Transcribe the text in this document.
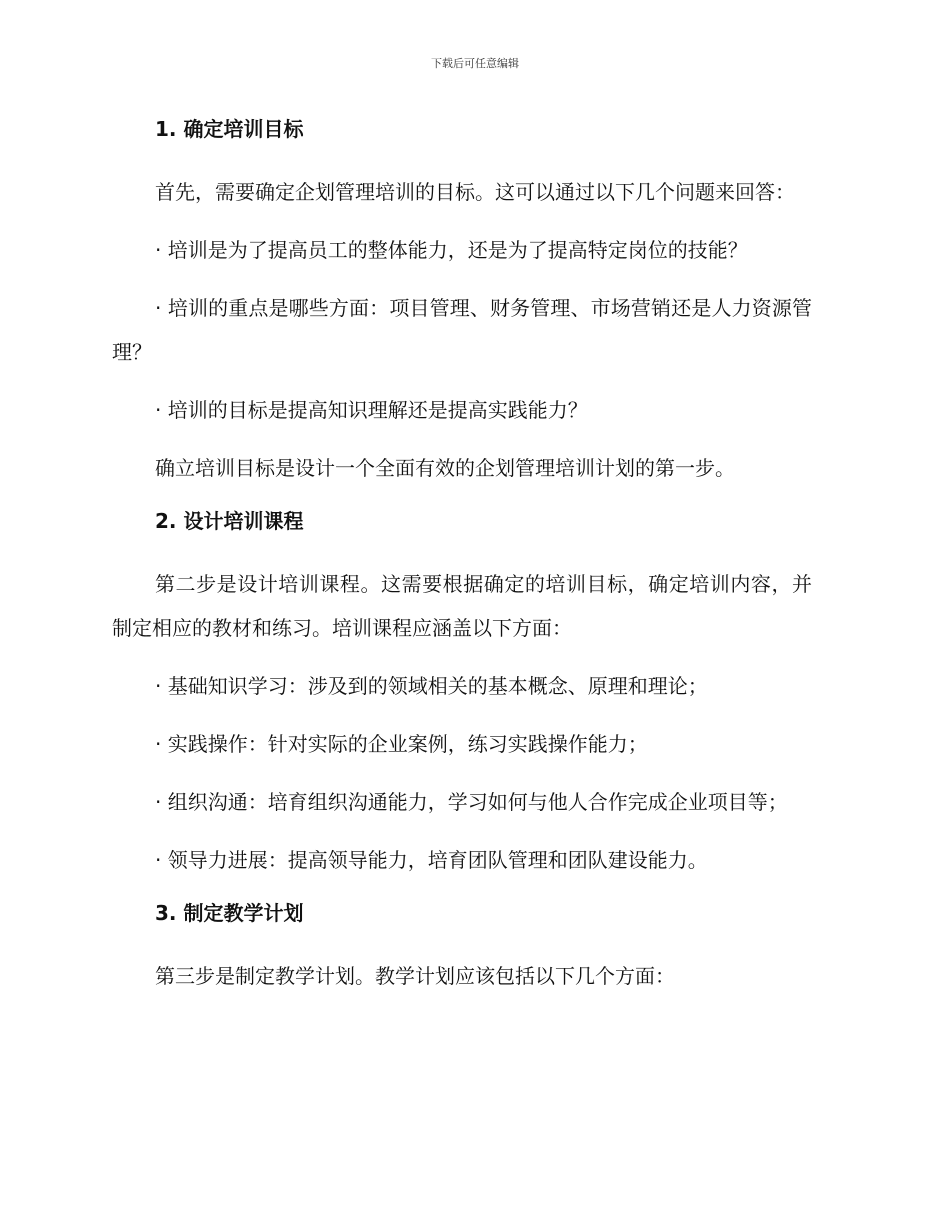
下载后可任意编辑
1. 确定培训目标

首先，需要确定企划管理培训的目标。这可以通过以下几个问题来回答：

· 培训是为了提高员工的整体能力，还是为了提高特定岗位的技能？

· 培训的重点是哪些方面：项目管理、财务管理、市场营销还是人力资源管理？

· 培训的目标是提高知识理解还是提高实践能力？

确立培训目标是设计一个全面有效的企划管理培训计划的第一步。

2. 设计培训课程

第二步是设计培训课程。这需要根据确定的培训目标，确定培训内容，并制定相应的教材和练习。培训课程应涵盖以下方面：

· 基础知识学习：涉及到的领域相关的基本概念、原理和理论；

· 实践操作：针对实际的企业案例，练习实践操作能力；

· 组织沟通：培育组织沟通能力，学习如何与他人合作完成企业项目等；

· 领导力进展：提高领导能力，培育团队管理和团队建设能力。

3. 制定教学计划

第三步是制定教学计划。教学计划应该包括以下几个方面：
